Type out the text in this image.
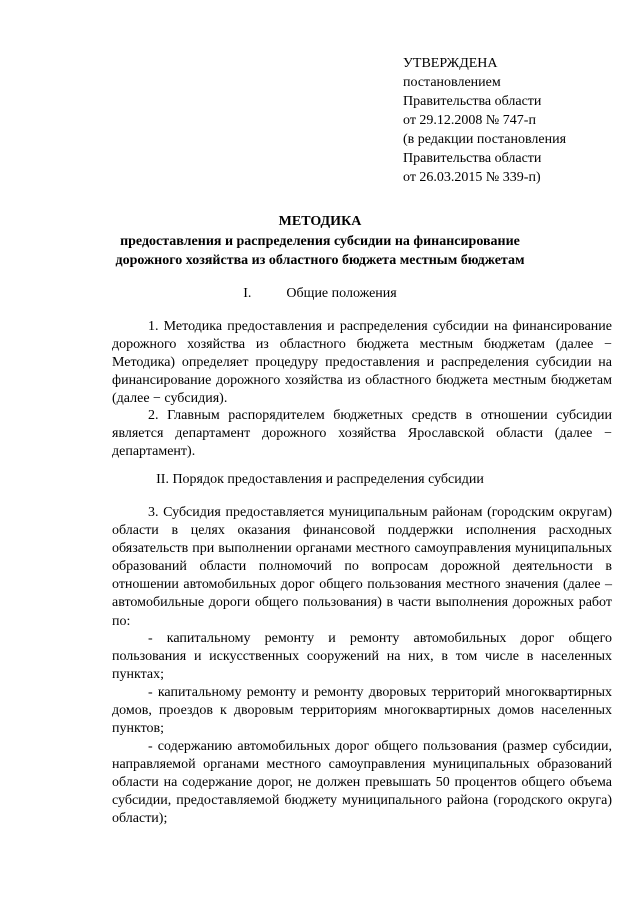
УТВЕРЖДЕНА
постановлением
Правительства области
от 29.12.2008 № 747-п
(в редакции постановления
Правительства области
от 26.03.2015 № 339-п)
МЕТОДИКА
предоставления и распределения субсидии на финансирование
дорожного хозяйства из областного бюджета местным бюджетам
I.          Общие положения
1. Методика предоставления и распределения субсидии на финансирование дорожного хозяйства из областного бюджета местным бюджетам (далее − Методика) определяет процедуру предоставления и распределения субсидии на финансирование дорожного хозяйства из областного бюджета местным бюджетам (далее − субсидия).
2. Главным распорядителем бюджетных средств в отношении субсидии является департамент дорожного хозяйства Ярославской области (далее − департамент).
II. Порядок предоставления и распределения субсидии
3. Субсидия предоставляется муниципальным районам (городским округам) области в целях оказания финансовой поддержки исполнения расходных обязательств при выполнении органами местного самоуправления муниципальных образований области полномочий по вопросам дорожной деятельности в отношении автомобильных дорог общего пользования местного значения (далее – автомобильные дороги общего пользования) в части выполнения дорожных работ по:
- капитальному ремонту и ремонту автомобильных дорог общего пользования и искусственных сооружений на них, в том числе в населенных пунктах;
- капитальному ремонту и ремонту дворовых территорий многоквартирных домов, проездов к дворовым территориям многоквартирных домов населенных пунктов;
- содержанию автомобильных дорог общего пользования (размер субсидии, направляемой органами местного самоуправления муниципальных образований области на содержание дорог, не должен превышать 50 процентов общего объема субсидии, предоставляемой бюджету муниципального района (городского округа) области);
